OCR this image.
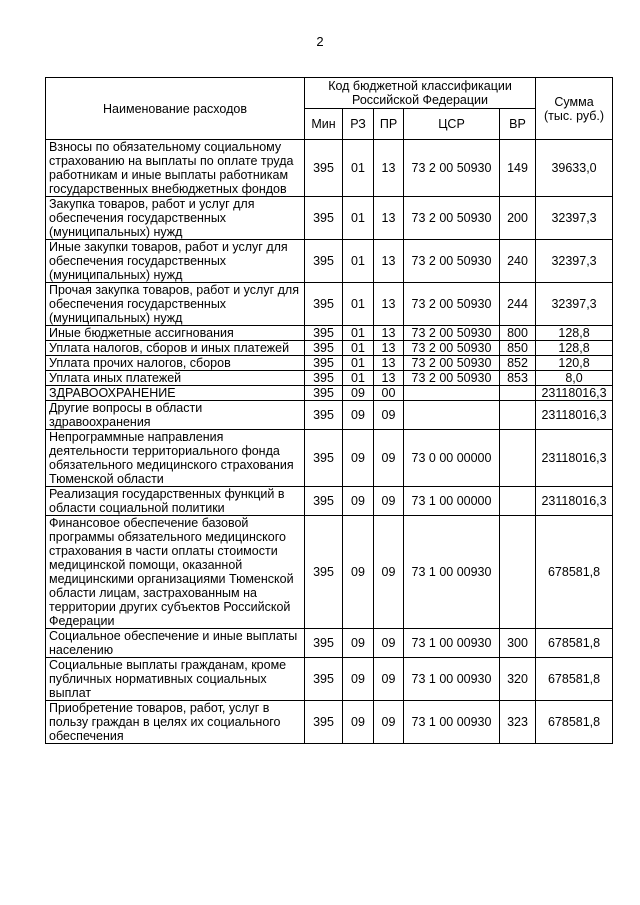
2
Наименование расходов	Код бюджетной классификации Российской Федерации					Сумма (тыс. руб.)
	Мин	РЗ	ПР	ЦСР	ВР	
Взносы по обязательному социальному страхованию на выплаты по оплате труда работникам и иные выплаты работникам государственных внебюджетных фондов	395	01	13	73 2 00 50930	149	39633,0
Закупка товаров, работ и услуг для обеспечения государственных (муниципальных) нужд	395	01	13	73 2 00 50930	200	32397,3
Иные закупки товаров, работ и услуг для обеспечения государственных (муниципальных) нужд	395	01	13	73 2 00 50930	240	32397,3
Прочая закупка товаров, работ и услуг для обеспечения государственных (муниципальных) нужд	395	01	13	73 2 00 50930	244	32397,3
Иные бюджетные ассигнования	395	01	13	73 2 00 50930	800	128,8
Уплата налогов, сборов и иных платежей	395	01	13	73 2 00 50930	850	128,8
Уплата прочих налогов, сборов	395	01	13	73 2 00 50930	852	120,8
Уплата иных платежей	395	01	13	73 2 00 50930	853	8,0
ЗДРАВООХРАНЕНИЕ	395	09	00			23118016,3
Другие вопросы в области здравоохранения	395	09	09			23118016,3
Непрограммные направления деятельности территориального фонда обязательного медицинского страхования Тюменской области	395	09	09	73 0 00 00000		23118016,3
Реализация государственных функций в области социальной политики	395	09	09	73 1 00 00000		23118016,3
Финансовое обеспечение базовой программы обязательного медицинского страхования в части оплаты стоимости медицинской помощи, оказанной медицинскими организациями Тюменской области лицам, застрахованным на территории других субъектов Российской Федерации	395	09	09	73 1 00 00930		678581,8
Социальное обеспечение и иные выплаты населению	395	09	09	73 1 00 00930	300	678581,8
Социальные выплаты гражданам, кроме публичных нормативных социальных выплат	395	09	09	73 1 00 00930	320	678581,8
Приобретение товаров, работ, услуг в пользу граждан в целях их социального обеспечения	395	09	09	73 1 00 00930	323	678581,8
